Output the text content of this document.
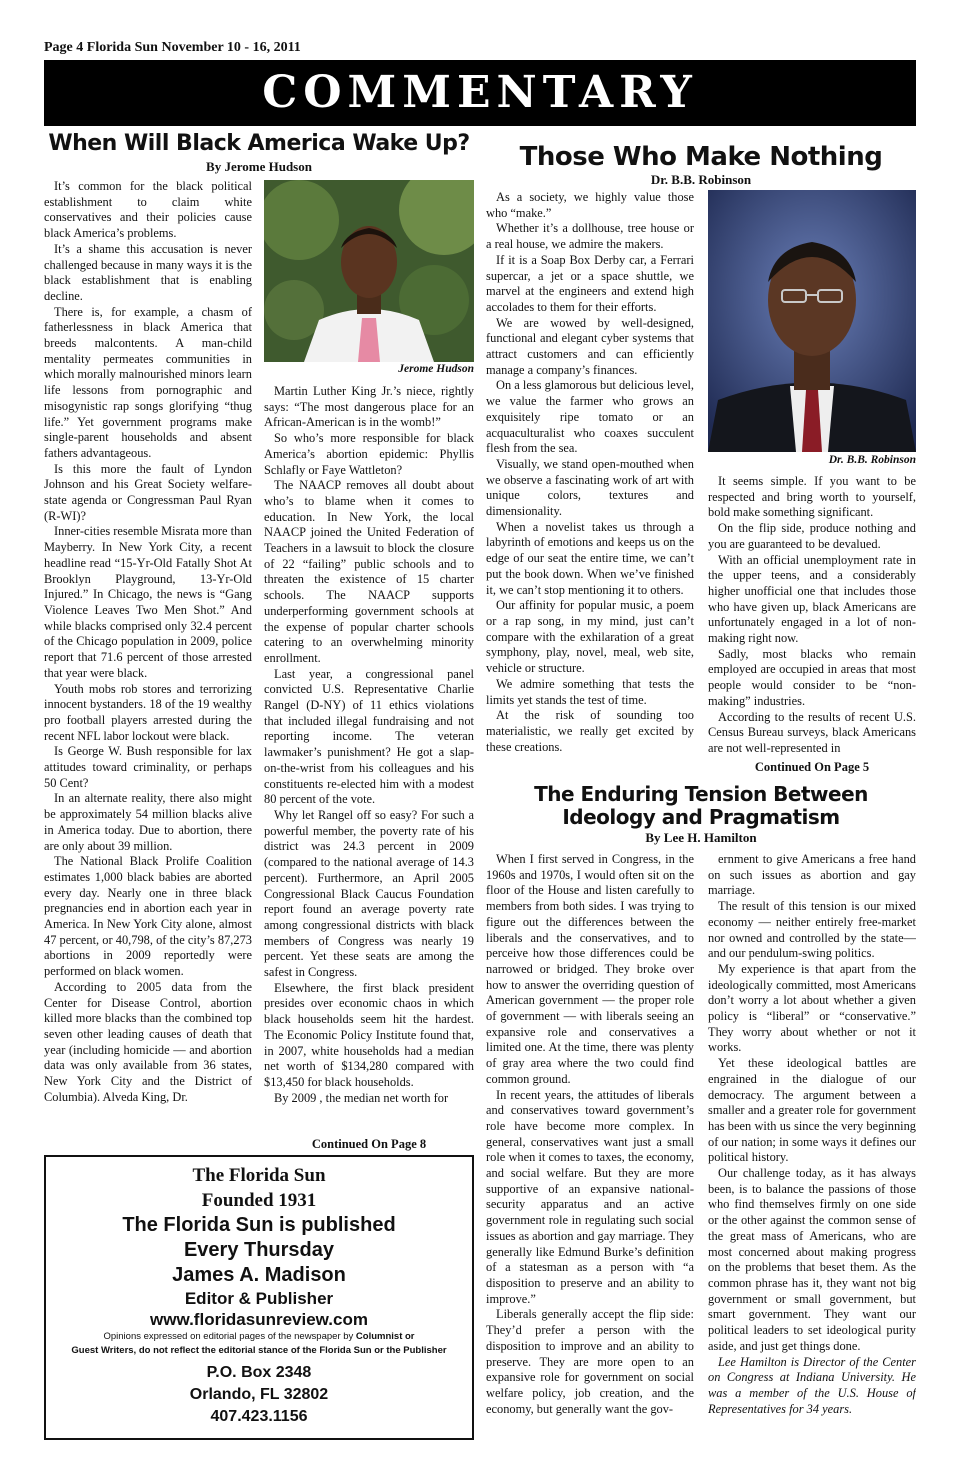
Page 4 Florida Sun November 10 - 16, 2011
COMMENTARY
When Will Black America Wake Up?
By Jerome Hudson

It’s common for the black political establishment to claim white conservatives and their policies cause black America’s problems.

It’s a shame this accusation is never challenged because in many ways it is the black establishment that is enabling decline.

There is, for example, a chasm of fatherlessness in black America that breeds malcontents. A man-child mentality permeates communities in which morally malnourished minors learn life lessons from pornographic and misogynistic rap songs glorifying “thug life.” Yet government programs make single-parent households and absent fathers advantageous.

Is this more the fault of Lyndon Johnson and his Great Society welfare-state agenda or Congressman Paul Ryan (R-WI)?

Inner-cities resemble Misrata more than Mayberry. In New York City, a recent headline read “15-Yr-Old Fatally Shot At Brooklyn Playground, 13-Yr-Old Injured.” In Chicago, the news is “Gang Violence Leaves Two Men Shot.” And while blacks comprised only 32.4 percent of the Chicago population in 2009, police report that 71.6 percent of those arrested that year were black.

Youth mobs rob stores and terrorizing innocent bystanders. 18 of the 19 wealthy pro football players arrested during the recent NFL labor lockout were black.

Is George W. Bush responsible for lax attitudes toward criminality, or perhaps 50 Cent?

In an alternate reality, there also might be approximately 54 million blacks alive in America today. Due to abortion, there are only about 39 million.

The National Black Prolife Coalition estimates 1,000 black babies are aborted every day. Nearly one in three black pregnancies end in abortion each year in America. In New York City alone, almost 47 percent, or 40,798, of the city’s 87,273 abortions in 2009 reportedly were performed on black women.

According to 2005 data from the Center for Disease Control, abortion killed more blacks than the combined top seven other leading causes of death that year (including homicide — and abortion data was only available from 36 states, New York City and the District of Columbia). Alveda King, Dr.

Jerome Hudson

Martin Luther King Jr.’s niece, rightly says: “The most dangerous place for an African-American is in the womb!”

So who’s more responsible for black America’s abortion epidemic: Phyllis Schlafly or Faye Wattleton?

The NAACP removes all doubt about who’s to blame when it comes to education. In New York, the local NAACP joined the United Federation of Teachers in a lawsuit to block the closure of 22 “failing” public schools and to threaten the existence of 15 charter schools. The NAACP supports underperforming government schools at the expense of popular charter schools catering to an overwhelming minority enrollment.

Last year, a congressional panel convicted U.S. Representative Charlie Rangel (D-NY) of 11 ethics violations that included illegal fundraising and not reporting income. The veteran lawmaker’s punishment? He got a slap-on-the-wrist from his colleagues and his constituents re-elected him with a modest 80 percent of the vote.

Why let Rangel off so easy? For such a powerful member, the poverty rate of his district was 24.3 percent in 2009 (compared to the national average of 14.3 percent). Furthermore, an April 2005 Congressional Black Caucus Foundation report found an average poverty rate among congressional districts with black members of Congress was nearly 19 percent. Yet these seats are among the safest in Congress.

Elsewhere, the first black president presides over economic chaos in which black households seem hit the hardest. The Economic Policy Institute found that, in 2007, white households had a median net worth of $134,280 compared with $13,450 for black households.

By 2009 , the median net worth for

Continued On Page 8
Those Who Make Nothing
Dr. B.B. Robinson

As a society, we highly value those who “make.”

Whether it’s a dollhouse, tree house or a real house, we admire the makers.

If it is a Soap Box Derby car, a Ferrari supercar, a jet or a space shuttle, we marvel at the engineers and extend high accolades to them for their efforts.

We are wowed by well-designed, functional and elegant cyber systems that attract customers and can efficiently manage a company’s finances.

On a less glamorous but delicious level, we value the farmer who grows an exquisitely ripe tomato or an acquaculturalist who coaxes succulent flesh from the sea.

Visually, we stand open-mouthed when we observe a fascinating work of art with unique colors, textures and dimensionality.

When a novelist takes us through a labyrinth of emotions and keeps us on the edge of our seat the entire time, we can’t put the book down. When we’ve finished it, we can’t stop mentioning it to others.

Our affinity for popular music, a poem or a rap song, in my mind, just can’t compare with the exhilaration of a great symphony, play, novel, meal, web site, vehicle or structure.

We admire something that tests the limits yet stands the test of time.

At the risk of sounding too materialistic, we really get excited by these creations.

Dr. B.B. Robinson

It seems simple. If you want to be respected and bring worth to yourself, bold make something significant.

On the flip side, produce nothing and you are guaranteed to be devalued.

With an official unemployment rate in the upper teens, and a considerably higher unofficial one that includes those who have given up, black Americans are unfortunately engaged in a lot of non-making right now.

Sadly, most blacks who remain employed are occupied in areas that most people would consider to be “non-making” industries.

According to the results of recent U.S. Census Bureau surveys, black Americans are not well-represented in

Continued On Page 5
The Enduring Tension Between
Ideology and Pragmatism
By Lee H. Hamilton

When I first served in Congress, in the 1960s and 1970s, I would often sit on the floor of the House and listen carefully to members from both sides. I was trying to figure out the differences between the liberals and the conservatives, and to perceive how those differences could be narrowed or bridged. They broke over how to answer the overriding question of American government — the proper role of government — with liberals seeing an expansive role and conservatives a limited one. At the time, there was plenty of gray area where the two could find common ground.

In recent years, the attitudes of liberals and conservatives toward government’s role have become more complex. In general, conservatives want just a small role when it comes to taxes, the economy, and social welfare. But they are more supportive of an expansive national-security apparatus and an active government role in regulating such social issues as abortion and gay marriage. They generally like Edmund Burke’s definition of a statesman as a person with “a disposition to preserve and an ability to improve.”

Liberals generally accept the flip side: They’d prefer a person with the disposition to improve and an ability to preserve. They are more open to an expansive role for government on social welfare policy, job creation, and the economy, but generally want the gov-

ernment to give Americans a free hand on such issues as abortion and gay marriage.

The result of this tension is our mixed economy — neither entirely free-market nor owned and controlled by the state—and our pendulum-swing politics.

My experience is that apart from the ideologically committed, most Americans don’t worry a lot about whether a given policy is “liberal” or “conservative.” They worry about whether or not it works.

Yet these ideological battles are engrained in the dialogue of our democracy. The argument between a smaller and a greater role for government has been with us since the very beginning of our nation; in some ways it defines our political history.

Our challenge today, as it has always been, is to balance the passions of those who find themselves firmly on one side or the other against the common sense of the great mass of Americans, who are most concerned about making progress on the problems that beset them. As the common phrase has it, they want not big government or small government, but smart government. They want our political leaders to set ideological purity aside, and just get things done.

Lee Hamilton is Director of the Center on Congress at Indiana University. He was a member of the U.S. House of Representatives for 34 years.

The Florida Sun
Founded 1931
The Florida Sun is published
Every Thursday
James A. Madison
Editor & Publisher
www.floridasunreview.com
Opinions expressed on editorial pages of the newspaper by Columnist or
Guest Writers, do not reflect the editorial stance of the Florida Sun or the Publisher
P.O. Box 2348
Orlando, FL 32802
407.423.1156
